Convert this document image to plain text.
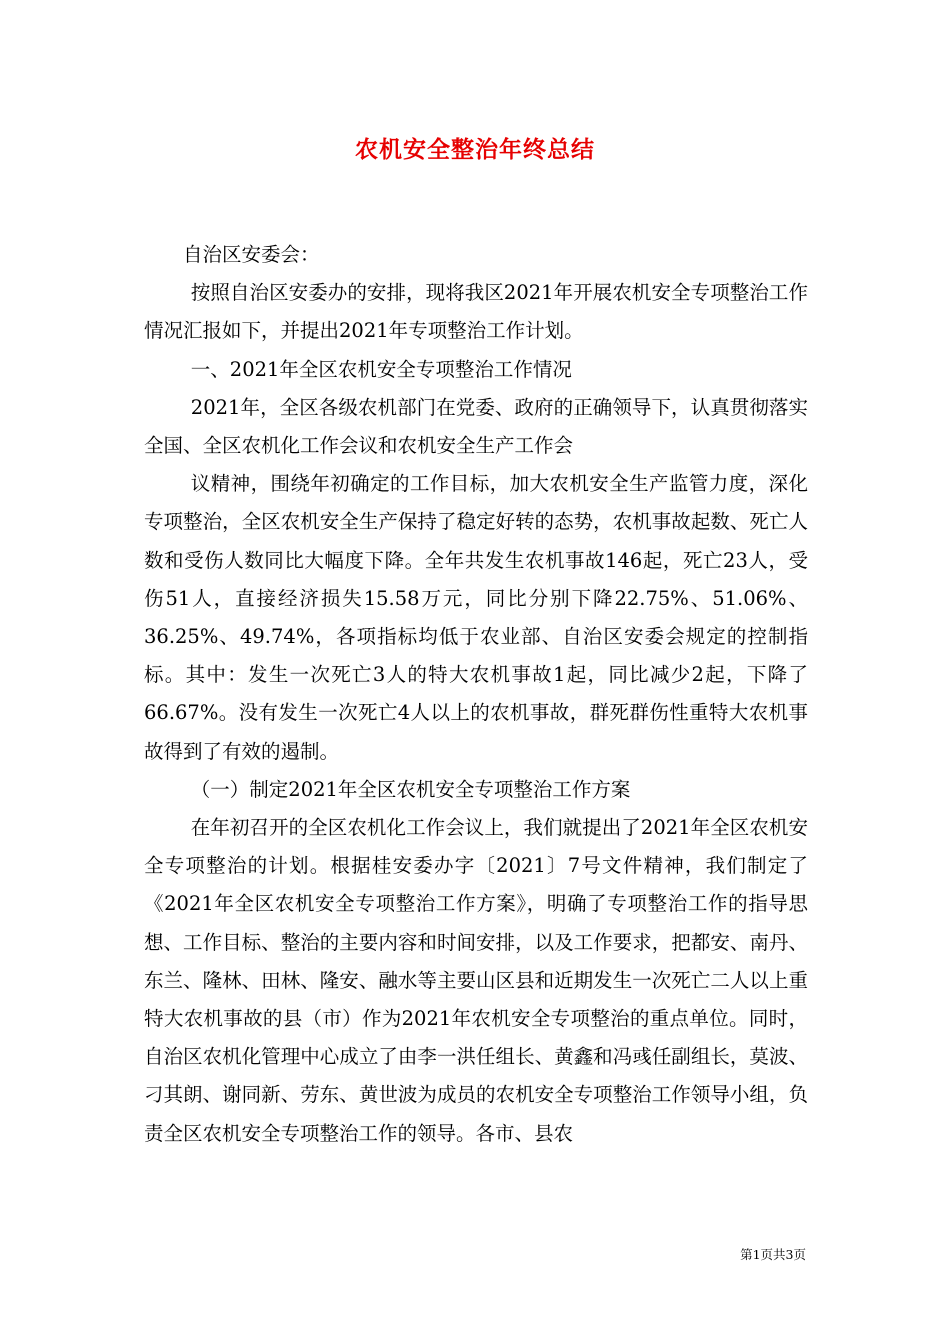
农机安全整治年终总结

自治区安委会：

按照自治区安委办的安排，现将我区2021年开展农机安全专项整治工作情况汇报如下，并提出2021年专项整治工作计划。

一、2021年全区农机安全专项整治工作情况

2021年，全区各级农机部门在党委、政府的正确领导下，认真贯彻落实全国、全区农机化工作会议和农机安全生产工作会

议精神，围绕年初确定的工作目标，加大农机安全生产监管力度，深化专项整治，全区农机安全生产保持了稳定好转的态势，农机事故起数、死亡人数和受伤人数同比大幅度下降。全年共发生农机事故146起，死亡23人，受伤51人，直接经济损失15.58万元，同比分别下降22.75%、51.06%、36.25%、49.74%，各项指标均低于农业部、自治区安委会规定的控制指标。其中：发生一次死亡3人的特大农机事故1起，同比减少2起，下降了66.67%。没有发生一次死亡4人以上的农机事故，群死群伤性重特大农机事故得到了有效的遏制。

（一）制定2021年全区农机安全专项整治工作方案

在年初召开的全区农机化工作会议上，我们就提出了2021年全区农机安全专项整治的计划。根据桂安委办字〔2021〕7号文件精神，我们制定了《2021年全区农机安全专项整治工作方案》，明确了专项整治工作的指导思想、工作目标、整治的主要内容和时间安排，以及工作要求，把都安、南丹、东兰、隆林、田林、隆安、融水等主要山区县和近期发生一次死亡二人以上重特大农机事故的县（市）作为2021年农机安全专项整治的重点单位。同时，自治区农机化管理中心成立了由李一洪任组长、黄鑫和冯彧任副组长，莫波、刁其朗、谢同新、劳东、黄世波为成员的农机安全专项整治工作领导小组，负责全区农机安全专项整治工作的领导。各市、县农

第1页共3页
